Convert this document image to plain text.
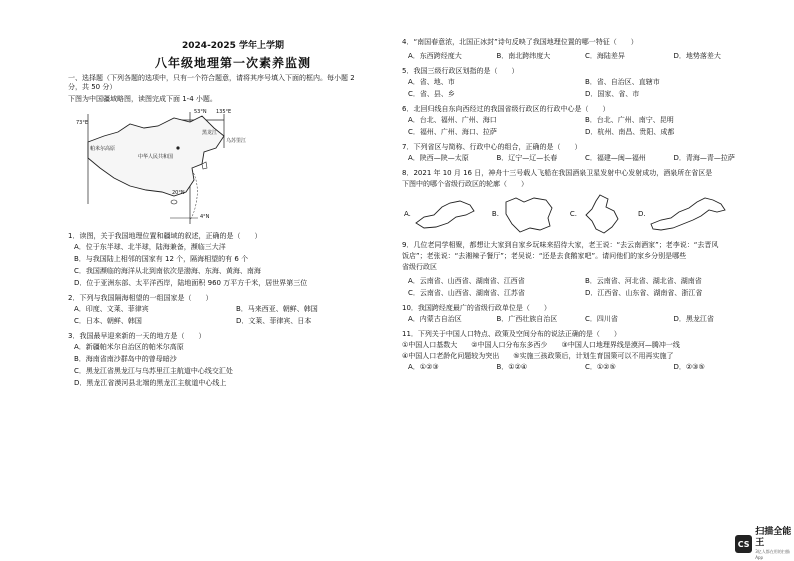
2024-2025 学年上学期
八年级地理第一次素养监测

一、选择题（下列各题的选项中，只有一个符合题意，请将其序号填入下面的框内。每小题 2

分，共 50 分）

下图为中国疆域略图，读图完成下面 1-4 小题。

73°E
53°N 135°E
黑龙江
乌苏里江
帕米尔高原
中华人民共和国
20°N
4°N

1．读图，关于我国地理位置和疆域的叙述，正确的是（　　）

A．位于东半球、北半球，陆海兼备，濒临三大洋

B．与我国陆上相邻的国家有 12 个，隔海相望的有 6 个

C．我国濒临的海洋从北到南依次是渤海、东海、黄海、南海

D．位于亚洲东部、太平洋西岸，陆地面积 960 万平方千米，居世界第三位

2．下列与我国隔海相望的一组国家是（　　）

A．印度、文莱、菲律宾	B．马来西亚、朝鲜、韩国
C．日本、朝鲜、韩国	D．文莱、菲律宾、日本

3．我国最早迎来新的一天的地方是（　　）

A．新疆帕米尔自治区的帕米尔高原

B．海南省南沙群岛中的曾母暗沙

C．黑龙江省黑龙江与乌苏里江主航道中心线交汇处

D．黑龙江省漠河县北端的黑龙江主航道中心线上

4．“南国春意浓，北国正冰封”诗句反映了我国地理位置的哪一特征（　　）

A．东西跨经度大	B．南北跨纬度大	C．海陆差异	D．地势落差大

5．我国三级行政区划指的是（　　）

A．省、地、市	B．省、自治区、直辖市
C．省、县、乡	D．国家、省、市

6．北回归线自东向西经过的我国省级行政区的行政中心是（　　）

A．台北、福州、广州、海口	B．台北、广州、南宁、昆明
C．福州、广州、海口、拉萨	D．杭州、南昌、贵阳、成都

7．下列省区与简称、行政中心的组合，正确的是（　　）

A．陕西—陕—太原	B．辽宁—辽—长春	C．福建—闽—福州	D．青海—青—拉萨

8．2021 年 10 月 16 日，神舟十三号载人飞船在我国酒泉卫星发射中心发射成功，酒泉所在省区是

下图中的哪个省级行政区的轮廓（　　）

A.	B.	C.	D.

9．几位老同学相聚，都想让大家到自家乡玩味来招待大家，老王说：“去云南酒家”；老李说：“去晋风

饭店”；老张说：“去湘辣子餐厅”；老吴说：“还是去食鹅家吧”。请问他们的家乡分别是哪些

省级行政区

A．云南省、山西省、湖南省、江西省	B．云南省、河北省、湖北省、湖南省
C．云南省、山西省、湖南省、江苏省	D．江西省、山东省、湖南省、浙江省

10．我国跨经度最广的省级行政单位是（　　）

A．内蒙古自治区	B．广西壮族自治区	C．四川省	D．黑龙江省

11．下列关于中国人口特点、政策及空间分布的说法正确的是（　　）

①中国人口基数大　　②中国人口分布东多西少　　③中国人口地理界线是漠河—腾冲一线

④中国人口老龄化问题较为突出　　⑤实施三孩政策后，计划生育国策可以不用再实施了

A．①②③	B．①②④	C．①②⑤	D．②③⑤
CS
扫描全能王
3亿人都在用的扫描App
